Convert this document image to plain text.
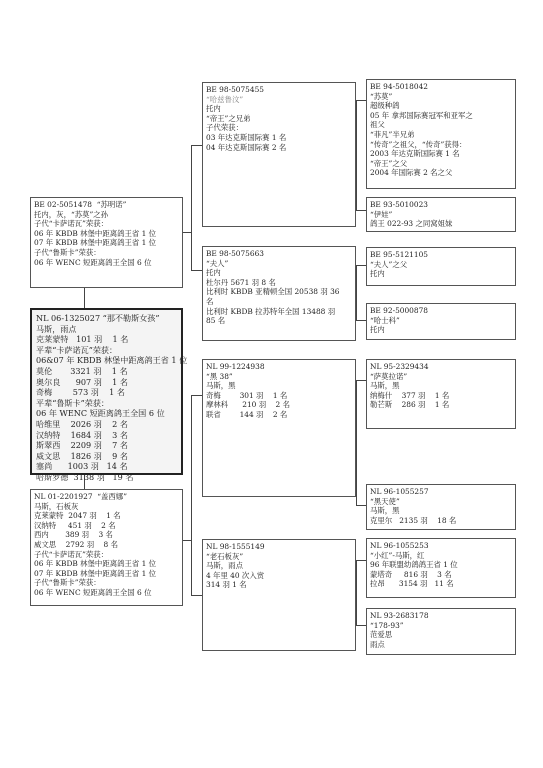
NL 06-1325027 “那不勒斯女孩”
马斯，雨点
克莱蒙特   101 羽    1 名
平辈“卡萨诺瓦”荣获：
06&07 年 KBDB 林堡中距离鸽王省 1 位
莫伦       3321 羽    1 名
奥尔良      907 羽    1 名
奇梅        573 羽    1 名
平辈“鲁斯卡”荣获：
06 年 WENC 短距离鸽王全国 6 位
哈维里    2026 羽    2 名
汉纳特    1684 羽    3 名
斯翠西    2209 羽    7 名
威文思    1826 羽    9 名
塞尚      1003 羽   14 名
哈斯罗德  3138 羽   19 名
BE 02-5051478  “苏明诺”
托内，灰，“苏莫”之孙
子代“卡萨诺瓦”荣获：
06 年 KBDB 林堡中距离鸽王省 1 位
07 年 KBDB 林堡中距离鸽王省 1 位
子代“鲁斯卡”荣获：
06 年 WENC 短距离鸽王全国 6 位
NL 01-2201927  “盖西娜”
马斯，石板灰
克莱蒙特  2047 羽    1 名
汉纳特     451 羽    2 名
西内       389 羽    3 名
威文思    2792 羽    8 名
子代“卡萨诺瓦”荣获：
06 年 KBDB 林堡中距离鸽王省 1 位
07 年 KBDB 林堡中距离鸽王省 1 位
子代“鲁斯卡”荣获：
06 年 WENC 短距离鸽王全国 6 位
BE 98-5075455
“哈兹鲁汶”
托内
“帝王”之兄弟
子代荣获：
03 年达克斯国际赛 1 名
04 年达克斯国际赛 2 名
BE 98-5075663
“夫人”
托内
杜尔丹 5671 羽 8 名
比利时 KBDB 亚精顿全国 20538 羽 36
名
比利时 KBDB 拉苏特年全国 13488 羽
85 名
NL 99-1224938
“黑 38”
马斯，黑
奇梅        301 羽    1 名
摩林科      210 羽    2 名
联省        144 羽    2 名
NL 98-1555149
“老石板灰”
马斯，雨点
4 年里 40 次入赏
314 羽 1 名
BE 94-5018042
“苏莫”
超级种鸽
05 年 拿邦国际赛冠军和亚军之
祖父
“菲凡”半兄弟
“传奇”之祖父，“传奇”获得：
2003 年达克斯国际赛 1 名
“帝王”之父
2004 年国际赛 2 名之父
BE 93-5010023
“伊娃”
鸽王 022-93 之同窝姐妹
BE 95-5121105
“夫人”之父
托内
BE 92-5000878
“哈士科”
托内
NL 95-2329434
“萨莫拉诺”
马斯，黑
纳梅什    377 羽    1 名
勒芒斯    286 羽    1 名
NL 96-1055257
“黑天使”
马斯，黑
克里尔   2135 羽    18 名
NL 96-1055253
“小红”-马斯，红
96 年联盟幼鸽鸽王省 1 位
蒙塔奇     816 羽    3 名
拉昂      3154 羽   11 名
NL 93-2683178
“178-93”
范爱思
雨点
